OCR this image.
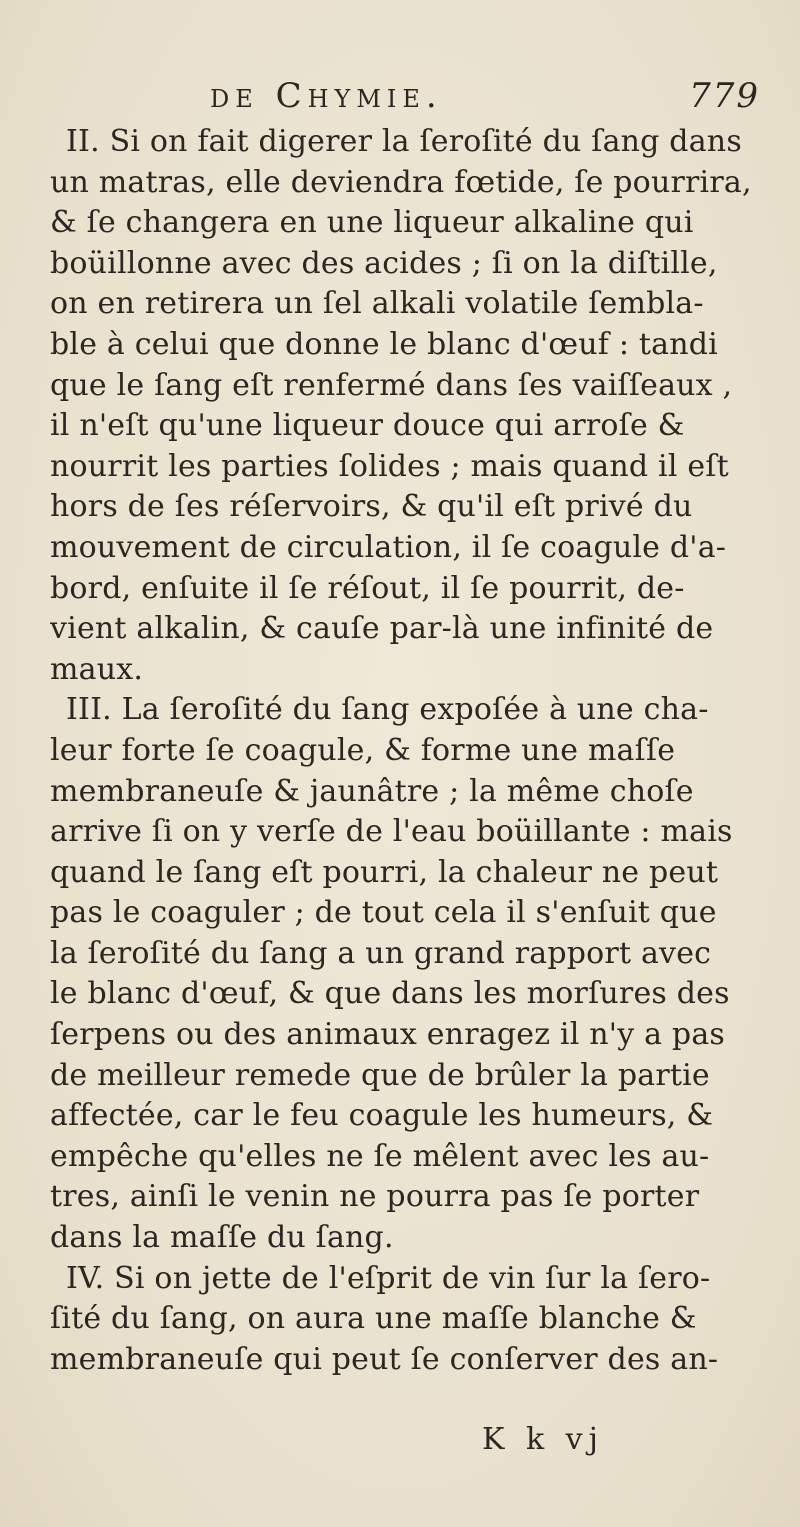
de Chymie.	779
II. Si on fait digerer la ſeroſité du ſang dans
un matras, elle deviendra fœtide, ſe pourrira,
& ſe changera en une liqueur alkaline qui
boüillonne avec des acides ; ſi on la diſtille,
on en retirera un ſel alkali volatile ſembla-
ble à celui que donne le blanc d'œuf : tandi
que le ſang eſt renfermé dans ſes vaiſſeaux ,
il n'eſt qu'une liqueur douce qui arroſe &
nourrit les parties ſolides ; mais quand il eſt
hors de ſes réſervoirs, & qu'il eſt privé du
mouvement de circulation, il ſe coagule d'a-
bord, enſuite il ſe réſout, il ſe pourrit, de-
vient alkalin, & cauſe par-là une infinité de
maux.
III. La ſeroſité du ſang expoſée à une cha-
leur forte ſe coagule, & forme une maſſe
membraneuſe & jaunâtre ; la même choſe
arrive ſi on y verſe de l'eau boüillante : mais
quand le ſang eſt pourri, la chaleur ne peut
pas le coaguler ; de tout cela il s'enſuit que
la ſeroſité du ſang a un grand rapport avec
le blanc d'œuf, & que dans les morſures des
ſerpens ou des animaux enragez il n'y a pas
de meilleur remede que de brûler la partie
affectée, car le feu coagule les humeurs, &
empêche qu'elles ne ſe mêlent avec les au-
tres, ainſi le venin ne pourra pas ſe porter
dans la maſſe du ſang.
IV. Si on jette de l'eſprit de vin ſur la ſero-
ſité du ſang, on aura une maſſe blanche &
membraneuſe qui peut ſe conſerver des an-
K k vj
